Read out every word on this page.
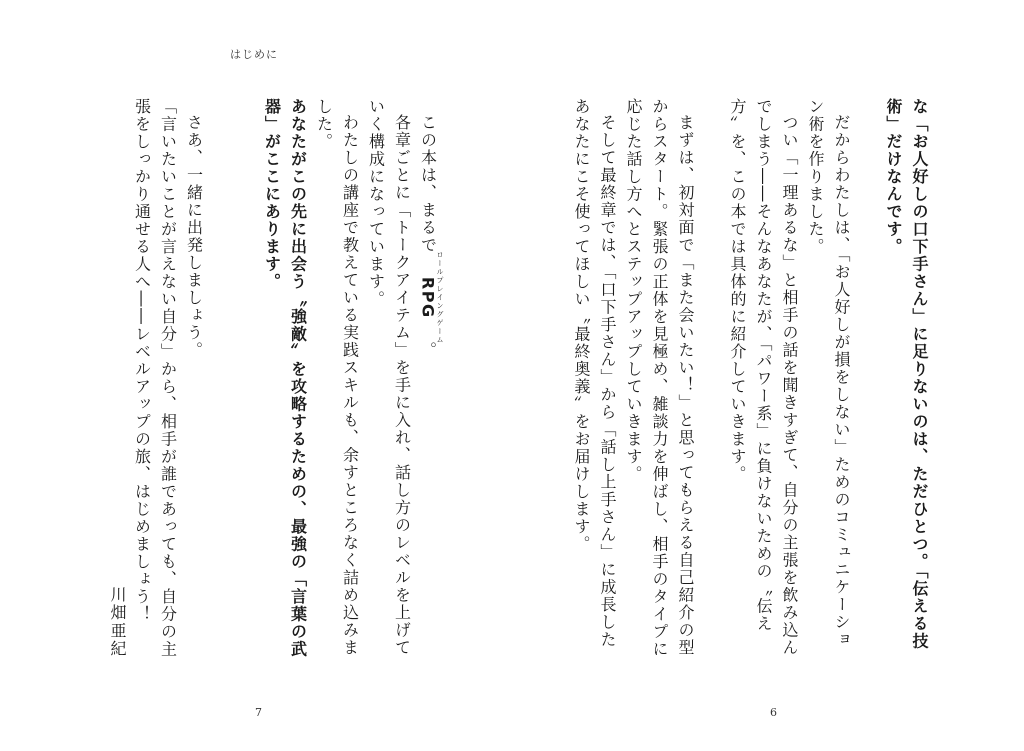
はじめに
な「お人好しの口下手さん」に足りないのは、ただひとつ。「伝える技術」だけなんです。
だからわたしは、「お人好しが損をしない」ためのコミュニケーション術を作りました。
つい「一理あるな」と相手の話を聞きすぎて、自分の主張を飲み込んでしまう――そんなあなたが、「パワー系」に負けないための〝伝え方〟を、この本では具体的に紹介していきます。
まずは、初対面で「また会いたい！」と思ってもらえる自己紹介の型からスタート。緊張の正体を見極め、雑談力を伸ばし、相手のタイプに応じた話し方へとステップアップしていきます。
そして最終章では、「口下手さん」から「話し上手さん」に成長したあなたにこそ使ってほしい〝最終奥義〟をお届けします。
この本は、まるでRPGロールプレイングゲーム。
各章ごとに「トークアイテム」を手に入れ、話し方のレベルを上げていく構成になっています。
わたしの講座で教えている実践スキルも、余すところなく詰め込みました。
あなたがこの先に出会う〝強敵〟を攻略するための、最強の「言葉の武器」がここにあります。
さあ、一緒に出発しましょう。
「言いたいことが言えない自分」から、相手が誰であっても、自分の主張をしっかり通せる人へ――レベルアップの旅、はじめましょう！
川畑亜紀
7	6
